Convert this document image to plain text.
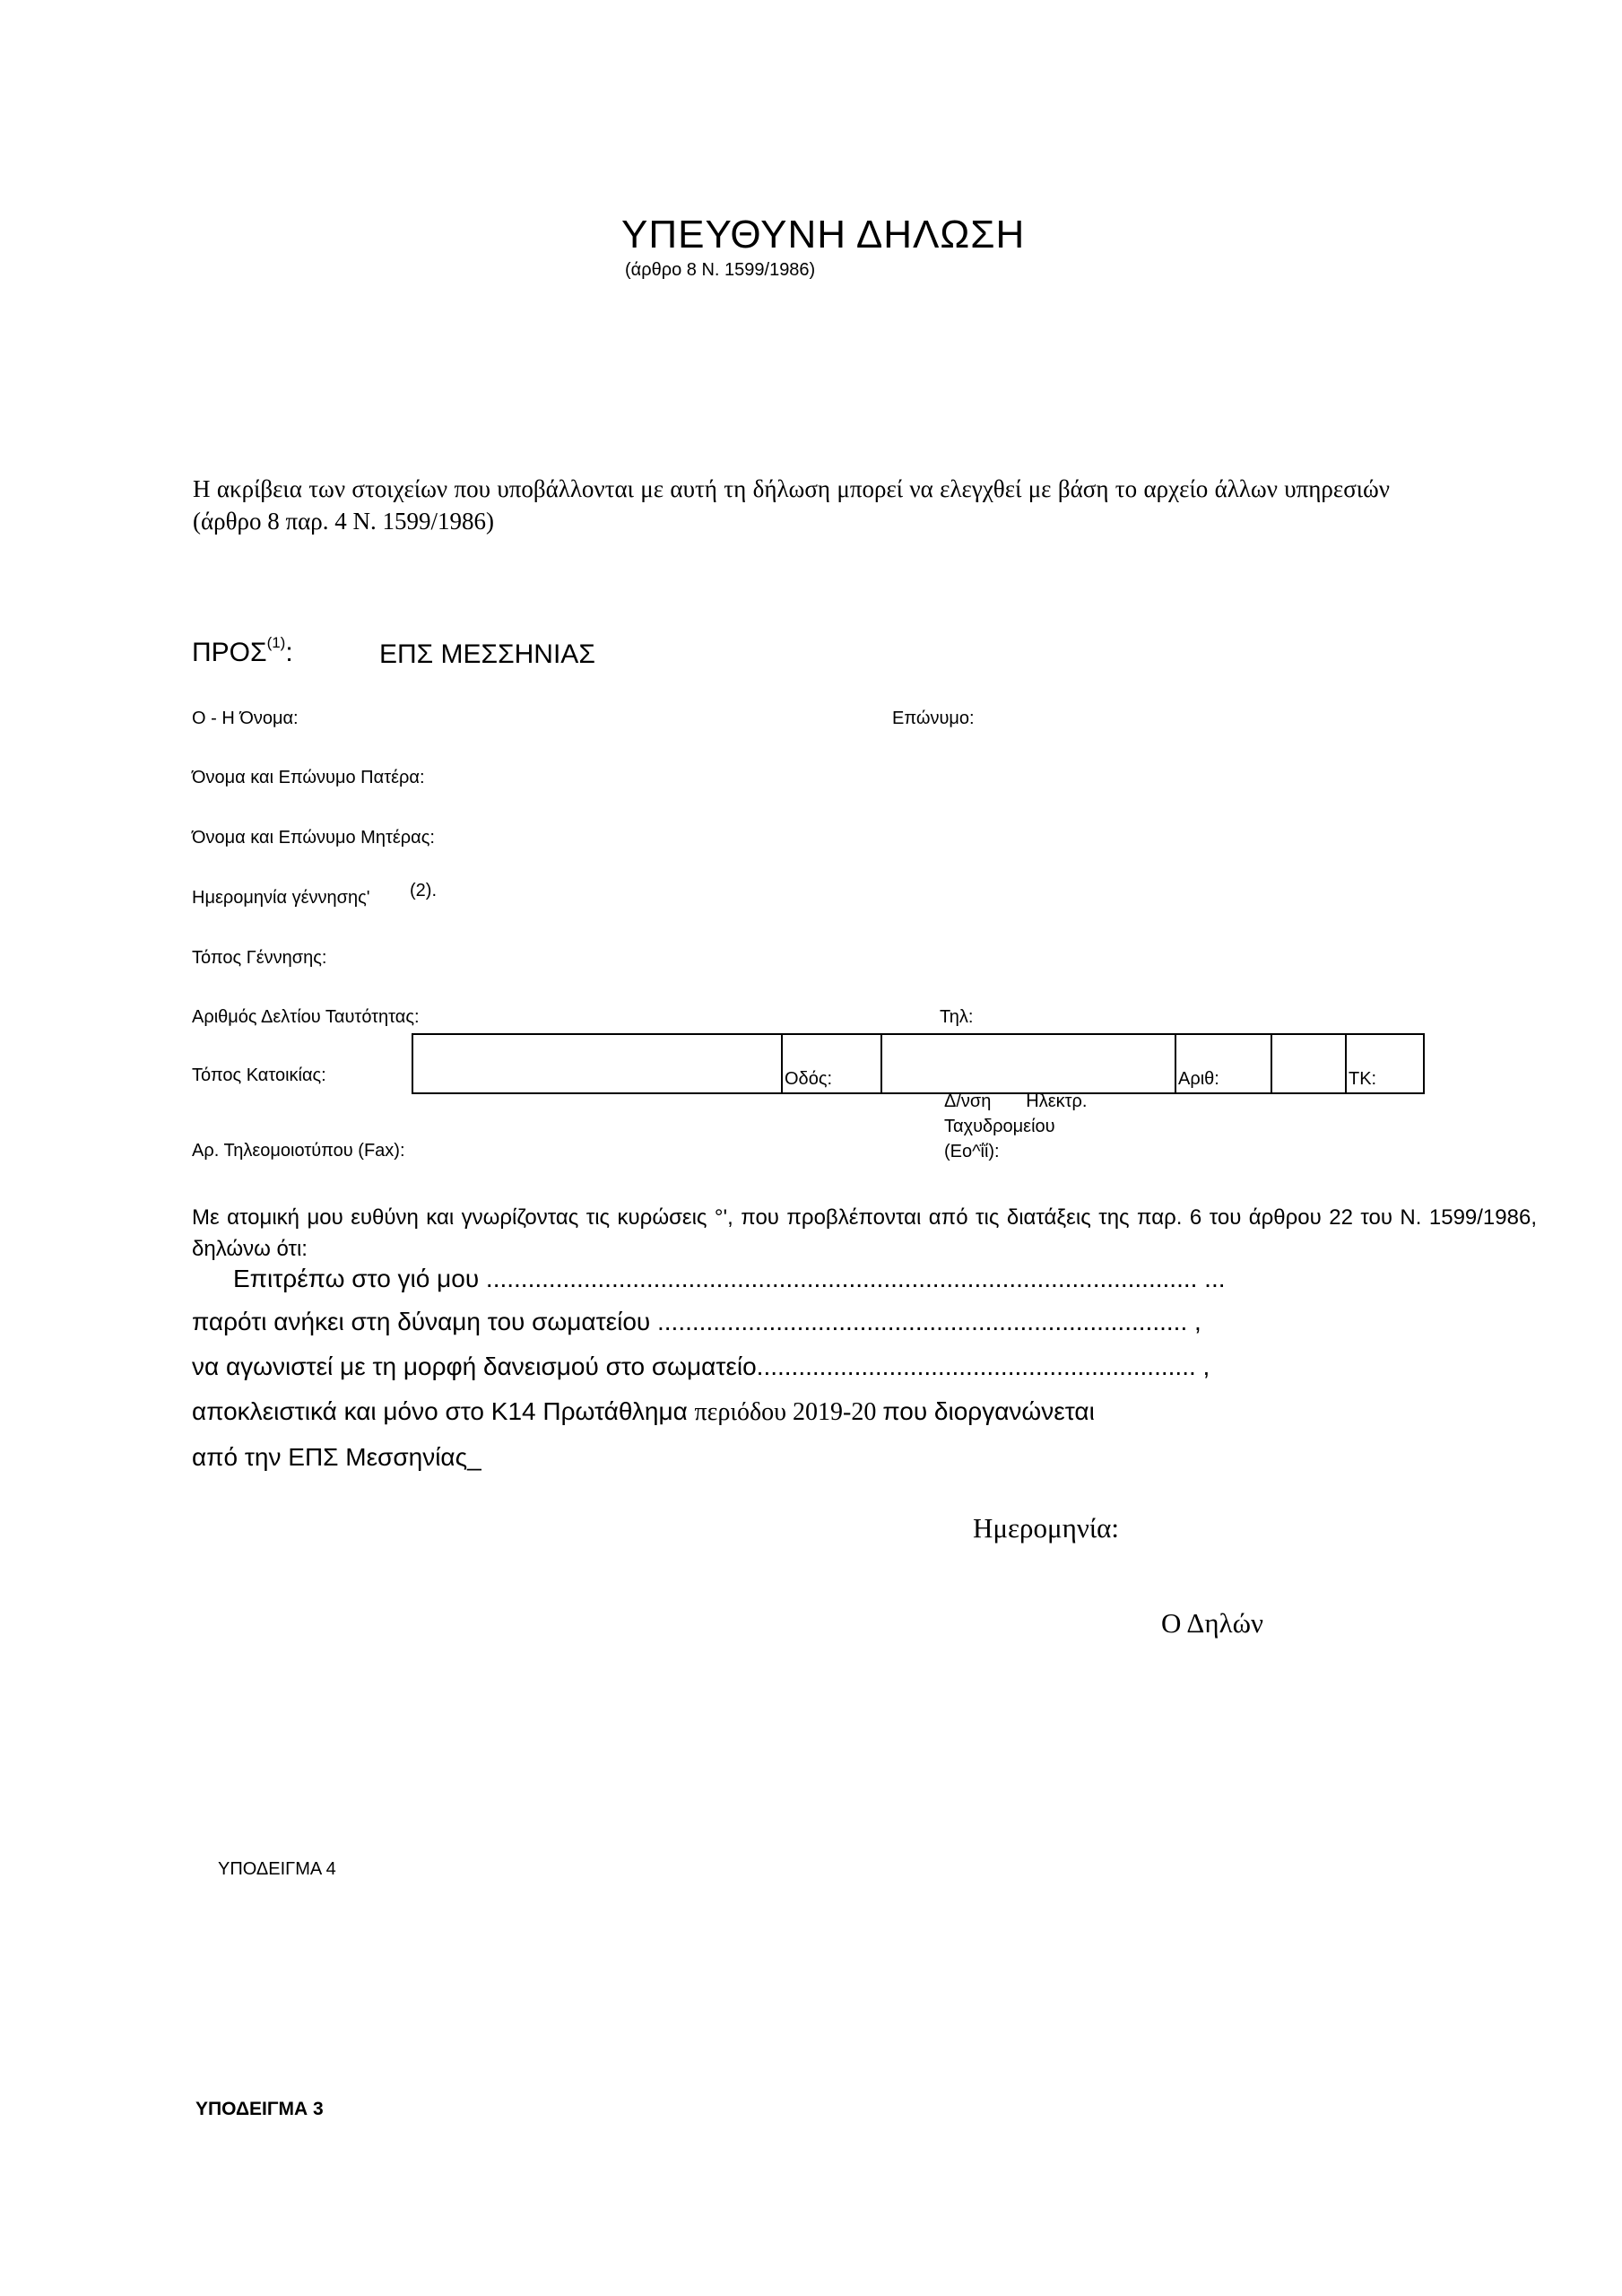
ΥΠΕΥΘΥΝΗ ΔΗΛΩΣΗ
(άρθρο 8 Ν. 1599/1986)
Η ακρίβεια των στοιχείων που υποβάλλονται με αυτή τη δήλωση μπορεί να ελεγχθεί με βάση το αρχείο άλλων υπηρεσιών (άρθρο 8 παρ. 4 Ν. 1599/1986)
ΠΡΟΣ$^{(1)}$:	ΕΠΣ ΜΕΣΣΗΝΙΑΣ
Ο - Η Όνομα:	Επώνυμο:
Όνομα και Επώνυμο Πατέρα:
Όνομα και Επώνυμο Μητέρας:
Ημερομηνία γέννησης' (2).
Τόπος Γέννησης:
Αριθμός Δελτίου Ταυτότητας:	Τηλ:
Τόπος Κατοικίας:	Οδός:	Αριθ:	ΤΚ:
Αρ. Τηλεομοιοτύπου (Fax):
Δ/νση       Ηλεκτρ.
Ταχυδρομείου
(Εο^ΐί):
Με ατομική μου ευθύνη και γνωρίζοντας τις κυρώσεις °', που προβλέπονται από τις διατάξεις της παρ. 6 του άρθρου 22 του Ν. 1599/1986, δηλώνω ότι:
Επιτρέπω στο γιό μου ...................................................................................................... ...
παρότι ανήκει στη δύναμη του σωματείου ............................................................................ ,
να αγωνιστεί με τη μορφή δανεισμού στο σωματείο............................................................... ,
αποκλειστικά και μόνο στο Κ14 Πρωτάθλημα περιόδου 2019-20 που διοργανώνεται
από την ΕΠΣ Μεσσηνίας_
Ημερομηνία:
Ο Δηλών
ΥΠΟΔΕΙΓΜΑ 4
ΥΠΟΔΕΙΓΜΑ 3
